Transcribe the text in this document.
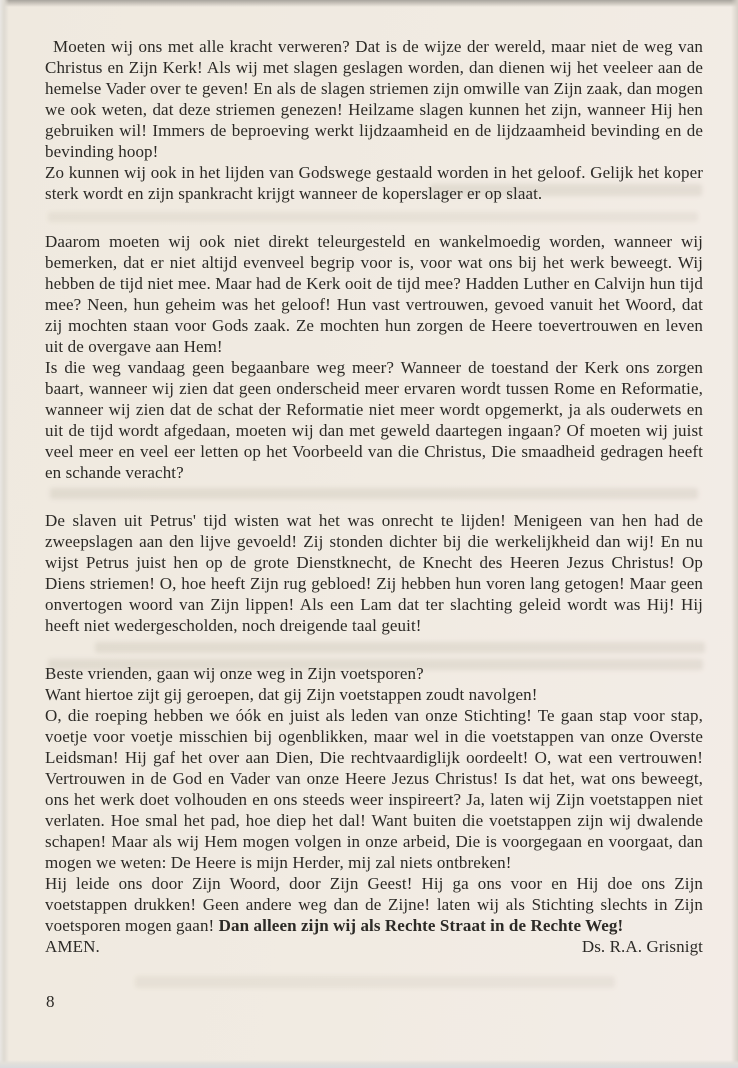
Moeten wij ons met alle kracht verweren? Dat is de wijze der wereld, maar niet de weg van Christus en Zijn Kerk! Als wij met slagen geslagen worden, dan dienen wij het veeleer aan de hemelse Vader over te geven! En als de slagen striemen zijn omwille van Zijn zaak, dan mogen we ook weten, dat deze striemen genezen! Heilzame slagen kunnen het zijn, wanneer Hij hen gebruiken wil! Immers de beproeving werkt lijdzaamheid en de lijdzaamheid bevinding en de bevinding hoop!

Zo kunnen wij ook in het lijden van Godswege gestaald worden in het geloof. Gelijk het koper sterk wordt en zijn spankracht krijgt wanneer de koperslager er op slaat.

Daarom moeten wij ook niet direkt teleurgesteld en wankelmoedig worden, wanneer wij bemerken, dat er niet altijd evenveel begrip voor is, voor wat ons bij het werk beweegt. Wij hebben de tijd niet mee. Maar had de Kerk ooit de tijd mee? Hadden Luther en Calvijn hun tijd mee? Neen, hun geheim was het geloof! Hun vast vertrouwen, gevoed vanuit het Woord, dat zij mochten staan voor Gods zaak. Ze mochten hun zorgen de Heere toevertrouwen en leven uit de overgave aan Hem!

Is die weg vandaag geen begaanbare weg meer? Wanneer de toestand der Kerk ons zorgen baart, wanneer wij zien dat geen onderscheid meer ervaren wordt tussen Rome en Reformatie, wanneer wij zien dat de schat der Reformatie niet meer wordt opgemerkt, ja als ouderwets en uit de tijd wordt afgedaan, moeten wij dan met geweld daartegen ingaan? Of moeten wij juist veel meer en veel eer letten op het Voorbeeld van die Christus, Die smaadheid gedragen heeft en schande veracht?

De slaven uit Petrus' tijd wisten wat het was onrecht te lijden! Menigeen van hen had de zweepslagen aan den lijve gevoeld! Zij stonden dichter bij die werkelijkheid dan wij! En nu wijst Petrus juist hen op de grote Dienstknecht, de Knecht des Heeren Jezus Christus! Op Diens striemen! O, hoe heeft Zijn rug gebloed! Zij hebben hun voren lang getogen! Maar geen onvertogen woord van Zijn lippen! Als een Lam dat ter slachting geleid wordt was Hij! Hij heeft niet wedergescholden, noch dreigende taal geuit!

Beste vrienden, gaan wij onze weg in Zijn voetsporen?

Want hiertoe zijt gij geroepen, dat gij Zijn voetstappen zoudt navolgen!

O, die roeping hebben we óók en juist als leden van onze Stichting! Te gaan stap voor stap, voetje voor voetje misschien bij ogenblikken, maar wel in die voetstappen van onze Overste Leidsman! Hij gaf het over aan Dien, Die rechtvaardiglijk oordeelt! O, wat een vertrouwen! Vertrouwen in de God en Vader van onze Heere Jezus Christus! Is dat het, wat ons beweegt, ons het werk doet volhouden en ons steeds weer inspireert? Ja, laten wij Zijn voetstappen niet verlaten. Hoe smal het pad, hoe diep het dal! Want buiten die voetstappen zijn wij dwalende schapen! Maar als wij Hem mogen volgen in onze arbeid, Die is voorgegaan en voorgaat, dan mogen we weten: De Heere is mijn Herder, mij zal niets ontbreken!

Hij leide ons door Zijn Woord, door Zijn Geest! Hij ga ons voor en Hij doe ons Zijn voetstappen drukken! Geen andere weg dan de Zijne! laten wij als Stichting slechts in Zijn voetsporen mogen gaan! Dan alleen zijn wij als Rechte Straat in de Rechte Weg!

AMEN.	Ds. R.A. Grisnigt
8
